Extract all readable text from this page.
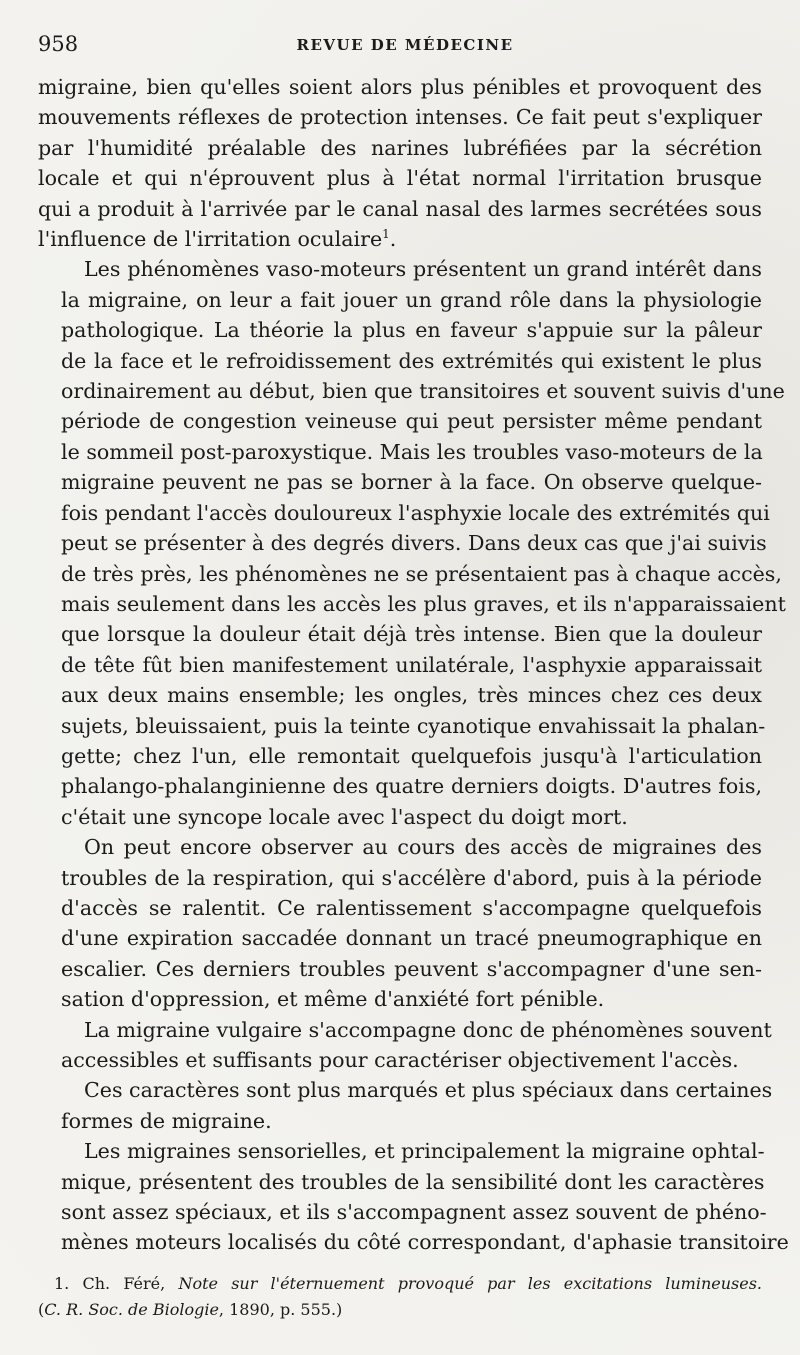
958	REVUE DE MÉDECINE

migraine, bien qu'elles soient alors plus pénibles et provoquent des
mouvements réflexes de protection intenses. Ce fait peut s'expliquer
par l'humidité préalable des narines lubréfiées par la sécrétion
locale et qui n'éprouvent plus à l'état normal l'irritation brusque
qui a produit à l'arrivée par le canal nasal des larmes secrétées sous
l'influence de l'irritation oculaire$^1$.

Les phénomènes vaso-moteurs présentent un grand intérêt dans
la migraine, on leur a fait jouer un grand rôle dans la physiologie
pathologique. La théorie la plus en faveur s'appuie sur la pâleur
de la face et le refroidissement des extrémités qui existent le plus
ordinairement au début, bien que transitoires et souvent suivis d'une
période de congestion veineuse qui peut persister même pendant
le sommeil post-paroxystique. Mais les troubles vaso-moteurs de la
migraine peuvent ne pas se borner à la face. On observe quelque-
fois pendant l'accès douloureux l'asphyxie locale des extrémités qui
peut se présenter à des degrés divers. Dans deux cas que j'ai suivis
de très près, les phénomènes ne se présentaient pas à chaque accès,
mais seulement dans les accès les plus graves, et ils n'apparaissaient
que lorsque la douleur était déjà très intense. Bien que la douleur
de tête fût bien manifestement unilatérale, l'asphyxie apparaissait
aux deux mains ensemble; les ongles, très minces chez ces deux
sujets, bleuissaient, puis la teinte cyanotique envahissait la phalan-
gette; chez l'un, elle remontait quelquefois jusqu'à l'articulation
phalango-phalanginienne des quatre derniers doigts. D'autres fois,
c'était une syncope locale avec l'aspect du doigt mort.

On peut encore observer au cours des accès de migraines des
troubles de la respiration, qui s'accélère d'abord, puis à la période
d'accès se ralentit. Ce ralentissement s'accompagne quelquefois
d'une expiration saccadée donnant un tracé pneumographique en
escalier. Ces derniers troubles peuvent s'accompagner d'une sen-
sation d'oppression, et même d'anxiété fort pénible.

La migraine vulgaire s'accompagne donc de phénomènes souvent
accessibles et suffisants pour caractériser objectivement l'accès.

Ces caractères sont plus marqués et plus spéciaux dans certaines
formes de migraine.

Les migraines sensorielles, et principalement la migraine ophtal-
mique, présentent des troubles de la sensibilité dont les caractères
sont assez spéciaux, et ils s'accompagnent assez souvent de phéno-
mènes moteurs localisés du côté correspondant, d'aphasie transitoire

1. Ch. Féré, Note sur l'éternuement provoqué par les excitations lumineuses.
(C. R. Soc. de Biologie, 1890, p. 555.)
